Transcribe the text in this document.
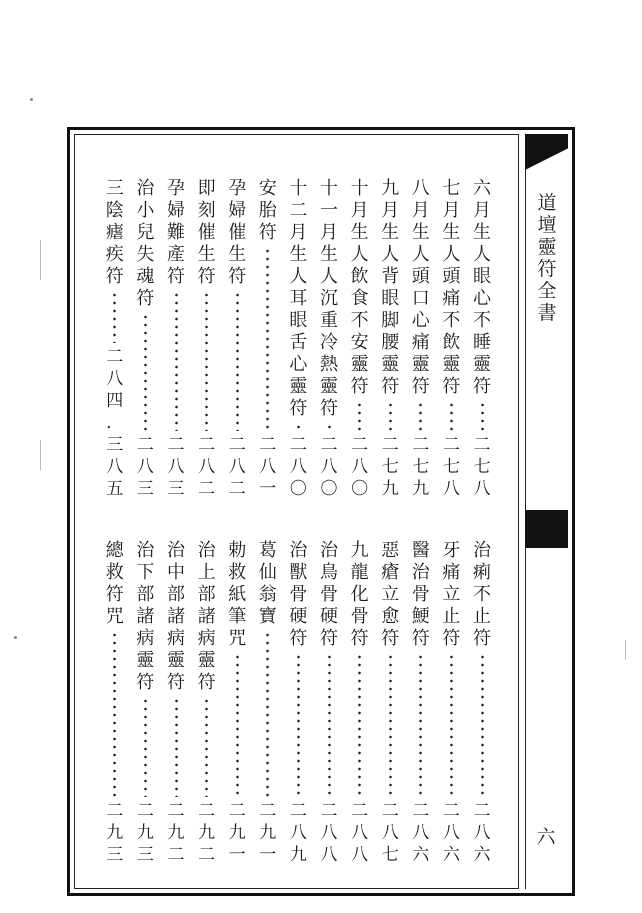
道
壇
靈
符
全
書
六
六
月
生
人
眼
心
不
睡
靈
符
二
七
八
七
月
生
人
頭
痛
不
飲
靈
符
二
七
八
八
月
生
人
頭
口
心
痛
靈
符
二
七
九
九
月
生
人
背
眼
脚
腰
靈
符
二
七
九
十
月
生
人
飲
食
不
安
靈
符
二
八
〇
十
一
月
生
人
沉
重
冷
熱
靈
符
二
八
〇
十
二
月
生
人
耳
眼
舌
心
靈
符
二
八
〇
安
胎
符
二
八
一
孕
婦
催
生
符
二
八
二
即
刻
催
生
符
二
八
二
孕
婦
難
產
符
二
八
三
治
小
兒
失
魂
符
二
八
三
三
陰
瘧
疾
符
二
八
四
．
三
八
五
治
痢
不
止
符
二
八
六
牙
痛
立
止
符
二
八
六
醫
治
骨
鯁
符
二
八
六
惡
瘡
立
愈
符
二
八
七
九
龍
化
骨
符
二
八
八
治
鳥
骨
硬
符
二
八
八
治
獸
骨
硬
符
二
八
九
葛
仙
翁
寶
二
九
一
勅
救
紙
筆
咒
二
九
一
治
上
部
諸
病
靈
符
二
九
二
治
中
部
諸
病
靈
符
二
九
二
治
下
部
諸
病
靈
符
二
九
三
總
救
符
咒
二
九
三
